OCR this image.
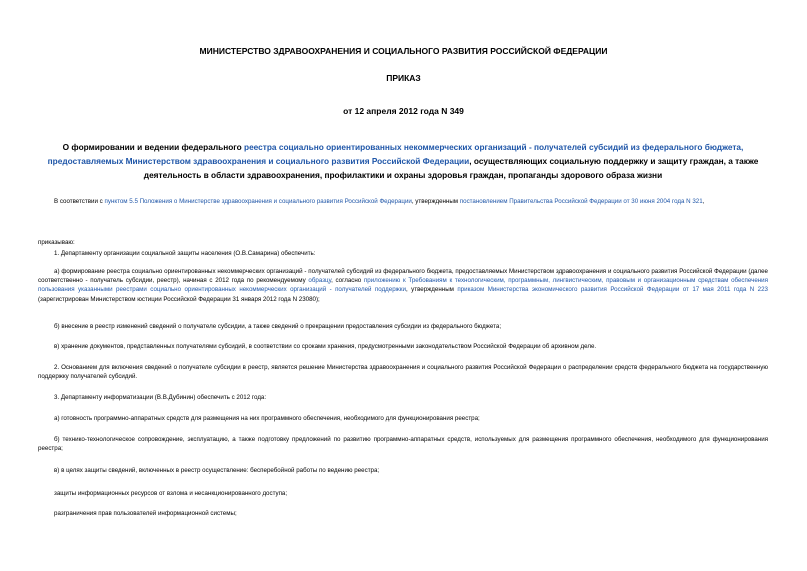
МИНИСТЕРСТВО ЗДРАВООХРАНЕНИЯ И СОЦИАЛЬНОГО РАЗВИТИЯ РОССИЙСКОЙ ФЕДЕРАЦИИ
ПРИКАЗ
от 12 апреля 2012 года N 349
О формировании и ведении федерального реестра социально ориентированных некоммерческих организаций - получателей субсидий из федерального бюджета, предоставляемых Министерством здравоохранения и социального развития Российской Федерации, осуществляющих социальную поддержку и защиту граждан, а также деятельность в области здравоохранения, профилактики и охраны здоровья граждан, пропаганды здорового образа жизни
В соответствии с пунктом 5.5 Положения о Министерстве здравоохранения и социального развития Российской Федерации, утвержденным постановлением Правительства Российской Федерации от 30 июня 2004 года N 321,
приказываю:
1. Департаменту организации социальной защиты населения (О.В.Самарина) обеспечить:
а) формирование реестра социально ориентированных некоммерческих организаций - получателей субсидий из федерального бюджета, предоставляемых Министерством здравоохранения и социального развития Российской Федерации (далее соответственно - получатель субсидии, реестр), начиная с 2012 года по рекомендуемому образцу, согласно приложению к Требованиям к технологическим, программным, лингвистическим, правовым и организационным средствам обеспечения пользования указанными реестрами социально ориентированных некоммерческих организаций - получателей поддержки, утвержденным приказом Министерства экономического развития Российской Федерации от 17 мая 2011 года N 223 (зарегистрирован Министерством юстиции Российской Федерации 31 января 2012 года N 23080);
б) внесение в реестр изменений сведений о получателе субсидии, а также сведений о прекращении предоставления субсидии из федерального бюджета;
в) хранение документов, представленных получателями субсидий, в соответствии со сроками хранения, предусмотренными законодательством Российской Федерации об архивном деле.
2. Основанием для включения сведений о получателе субсидии в реестр, является решение Министерства здравоохранения и социального развития Российской Федерации о распределении средств федерального бюджета на государственную поддержку получателей субсидий.
3. Департаменту информатизации (В.В.Дубинин) обеспечить с 2012 года:
а) готовность программно-аппаратных средств для размещения на них программного обеспечения, необходимого для функционирования реестра;
б) технико-технологическое сопровождение, эксплуатацию, а также подготовку предложений по развитию программно-аппаратных средств, используемых для размещения программного обеспечения, необходимого для функционирования реестра;
в) в целях защиты сведений, включенных в реестр осуществление: бесперебойной работы по ведению реестра;
защиты информационных ресурсов от взлома и несанкционированного доступа;
разграничения прав пользователей информационной системы;
